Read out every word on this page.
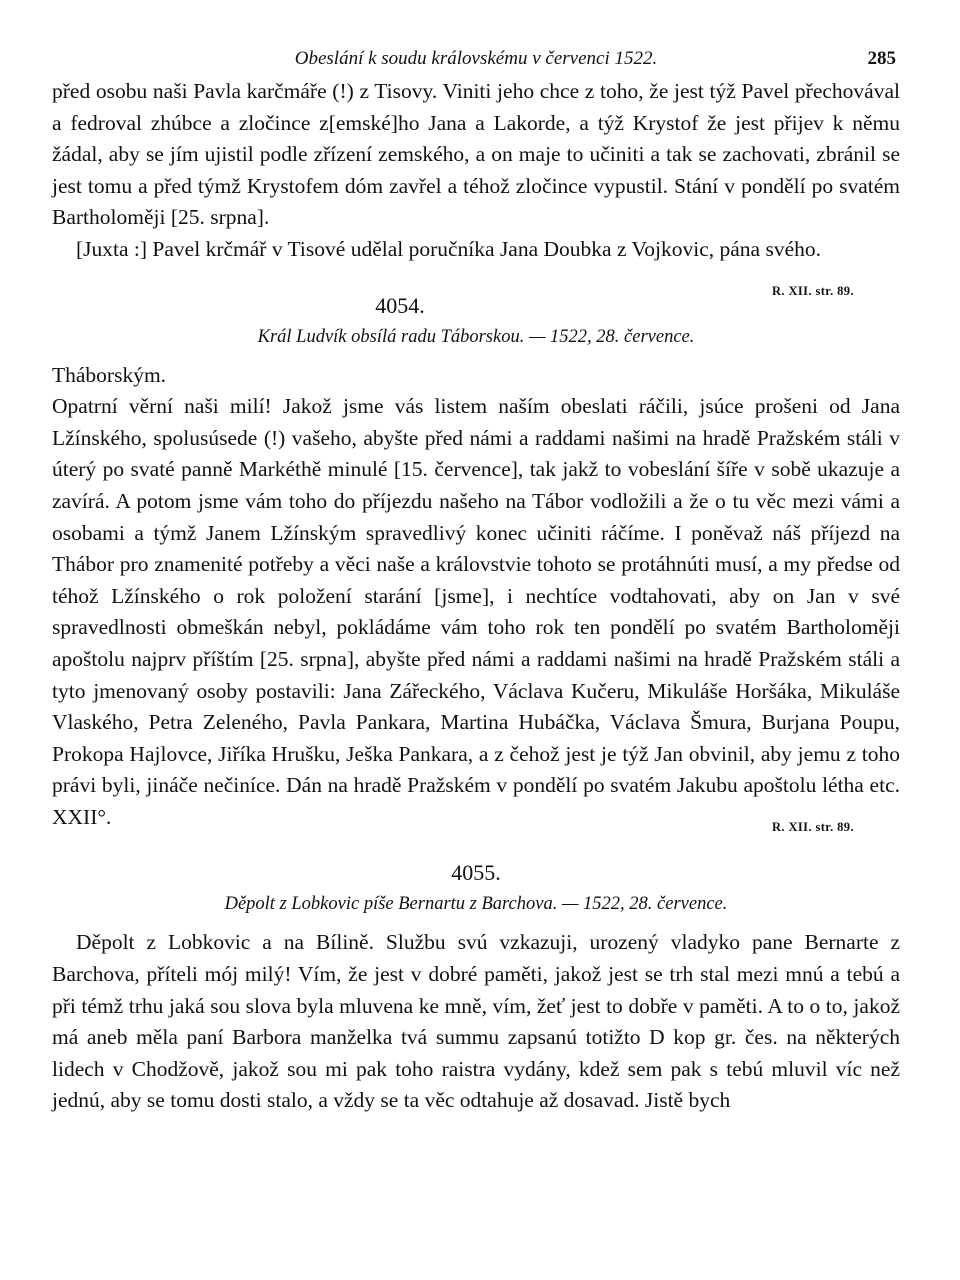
Obeslání k soudu královskému v červenci 1522.	285

před osobu naši Pavla karčmáře (!) z Tisovy. Viniti jeho chce z toho, že jest týž Pavel přechovával a fedroval zhúbce a zločince z[emské]ho Jana a Lakorde, a týž Krystof že jest přijev k němu žádal, aby se jím ujistil podle zřízení zemského, a on maje to učiniti a tak se zachovati, zbránil se jest tomu a před týmž Krystofem dóm zavřel a téhož zločince vypustil. Stání v pondělí po svatém Bartholoměji [25. srpna].

[Juxta :] Pavel krčmář v Tisové udělal poručníka Jana Doubka z Vojkovic, pána svého.
R. XII. str. 89.

4054.
Král Ludvík obsílá radu Táborskou. — 1522, 28. července.

Tháborským.

Opatrní věrní naši milí! Jakož jsme vás listem naším obeslati ráčili, jsúce prošeni od Jana Lžínského, spolusúsede (!) vašeho, abyšte před námi a raddami našimi na hradě Pražském stáli v úterý po svaté panně Markéthě minulé [15. července], tak jakž to vobeslání šíře v sobě ukazuje a zavírá. A potom jsme vám toho do příjezdu našeho na Tábor vodložili a že o tu věc mezi vámi a osobami a týmž Janem Lžínským spravedlivý konec učiniti ráčíme. I poněvaž náš příjezd na Thábor pro znamenité potřeby a věci naše a královstvie tohoto se protáhnúti musí, a my předse od téhož Lžínského o rok položení starání [jsme], i nechtíce vodtahovati, aby on Jan v své spravedlnosti obmeškán nebyl, pokládáme vám toho rok ten pondělí po svatém Bartholoměji apoštolu najprv příštím [25. srpna], abyšte před námi a raddami našimi na hradě Pražském stáli a tyto jmenovaný osoby postavili: Jana Zářeckého, Václava Kučeru, Mikuláše Horšáka, Mikuláše Vlaského, Petra Zeleného, Pavla Pankara, Martina Hubáčka, Václava Šmura, Burjana Poupu, Prokopa Hajlovce, Jiříka Hrušku, Ješka Pankara, a z čehož jest je týž Jan obvinil, aby jemu z toho právi byli, jináče nečiníce. Dán na hradě Pražském v pondělí po svatém Jakubu apoštolu létha etc. XXII°.	R. XII. str. 89.

4055.
Děpolt z Lobkovic píše Bernartu z Barchova. — 1522, 28. července.

Děpolt z Lobkovic a na Bílině. Službu svú vzkazuji, urozený vladyko pane Bernarte z Barchova, příteli mój milý! Vím, že jest v dobré paměti, jakož jest se trh stal mezi mnú a tebú a při témž trhu jaká sou slova byla mluvena ke mně, vím, žeť jest to dobře v paměti. A to o to, jakož má aneb měla paní Barbora manželka tvá summu zapsanú totižto D kop gr. čes. na některých lidech v Chodžově, jakož sou mi pak toho raistra vydány, kdež sem pak s tebú mluvil víc než jednú, aby se tomu dosti stalo, a vždy se ta věc odtahuje až dosavad. Jistě bych
